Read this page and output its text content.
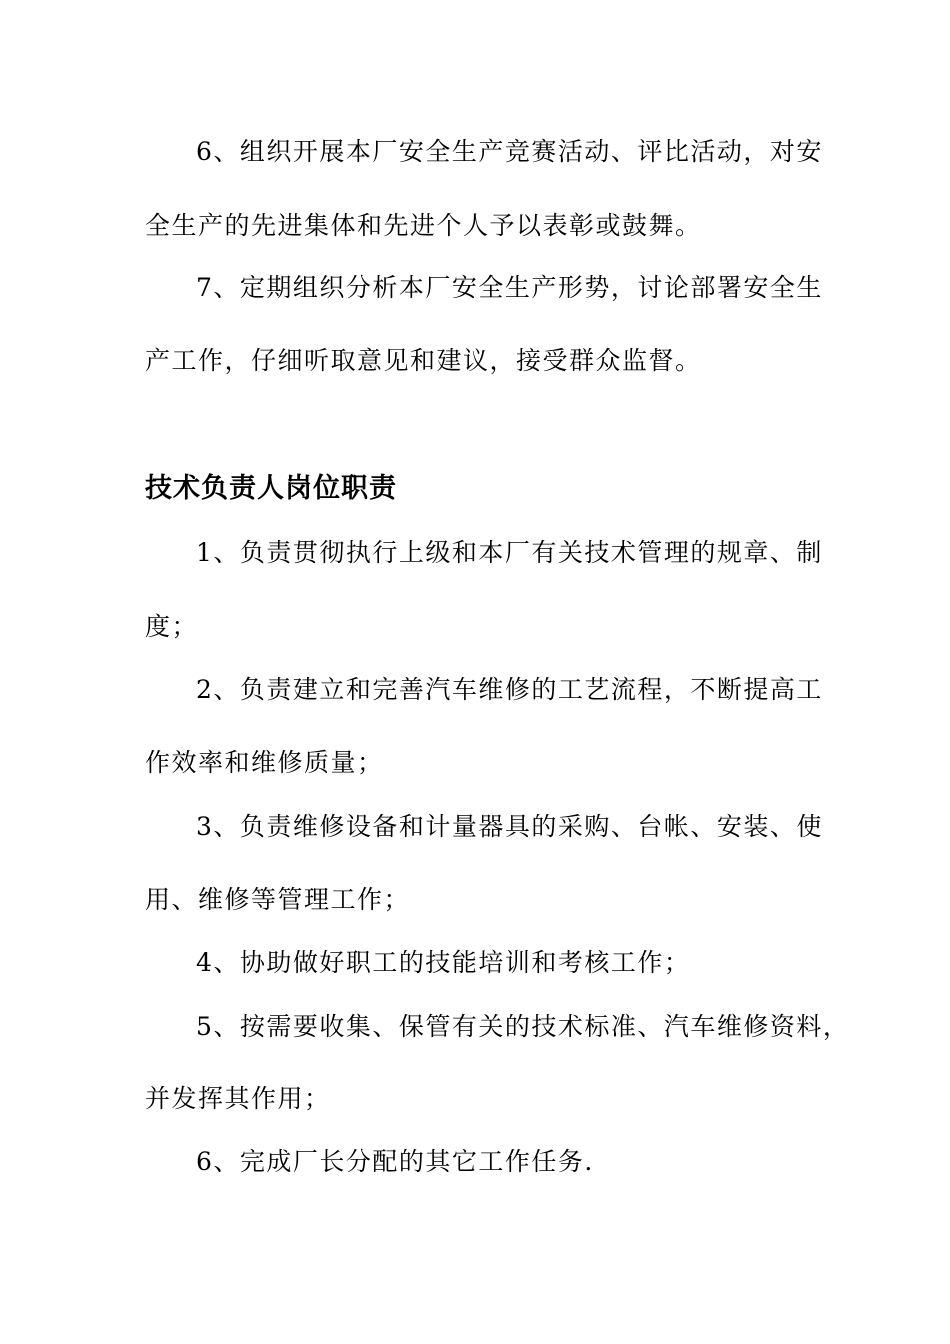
6、组织开展本厂安全生产竞赛活动、评比活动，对安
全生产的先进集体和先进个人予以表彰或鼓舞。
7、定期组织分析本厂安全生产形势，讨论部署安全生
产工作，仔细听取意见和建议，接受群众监督。
技术负责人岗位职责
1、负责贯彻执行上级和本厂有关技术管理的规章、制
度；
2、负责建立和完善汽车维修的工艺流程，不断提高工
作效率和维修质量；
3、负责维修设备和计量器具的采购、台帐、安装、使
用、维修等管理工作；
4、协助做好职工的技能培训和考核工作；
5、按需要收集、保管有关的技术标准、汽车维修资料，
并发挥其作用；
6、完成厂长分配的其它工作任务.
